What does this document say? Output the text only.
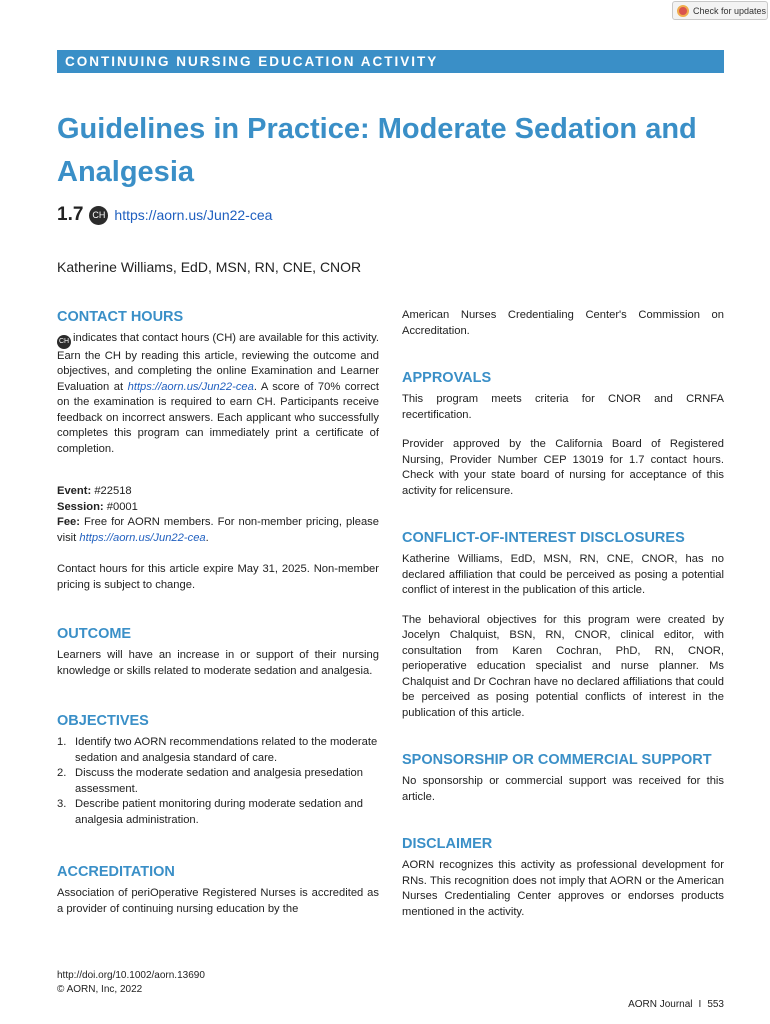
Check for updates
CONTINUING NURSING EDUCATION ACTIVITY
Guidelines in Practice: Moderate Sedation and Analgesia
1.7	CH https://aorn.us/Jun22-cea
Katherine Williams, EdD, MSN, RN, CNE, CNOR
CONTACT HOURS

CH indicates that contact hours (CH) are available for this activity. Earn the CH by reading this article, reviewing the outcome and objectives, and completing the online Examination and Learner Evaluation at https://aorn.us/Jun22-cea. A score of 70% correct on the examination is required to earn CH. Participants receive feedback on incorrect answers. Each applicant who successfully completes this program can immediately print a certificate of completion.

Event: #22518
Session: #0001
Fee: Free for AORN members. For non-member pricing, please visit https://aorn.us/Jun22-cea.

Contact hours for this article expire May 31, 2025. Non-member pricing is subject to change.

OUTCOME

Learners will have an increase in or support of their nursing knowledge or skills related to moderate sedation and analgesia.

OBJECTIVES
1. Identify two AORN recommendations related to the moderate sedation and analgesia standard of care.
2. Discuss the moderate sedation and analgesia presedation assessment.
3. Describe patient monitoring during moderate sedation and analgesia administration.
ACCREDITATION

Association of periOperative Registered Nurses is accredited as a provider of continuing nursing education by the

American Nurses Credentialing Center's Commission on Accreditation.

APPROVALS

This program meets criteria for CNOR and CRNFA recertification.

Provider approved by the California Board of Registered Nursing, Provider Number CEP 13019 for 1.7 contact hours. Check with your state board of nursing for acceptance of this activity for relicensure.

CONFLICT-OF-INTEREST DISCLOSURES

Katherine Williams, EdD, MSN, RN, CNE, CNOR, has no declared affiliation that could be perceived as posing a potential conflict of interest in the publication of this article.

The behavioral objectives for this program were created by Jocelyn Chalquist, BSN, RN, CNOR, clinical editor, with consultation from Karen Cochran, PhD, RN, CNOR, perioperative education specialist and nurse planner. Ms Chalquist and Dr Cochran have no declared affiliations that could be perceived as posing potential conflicts of interest in the publication of this article.

SPONSORSHIP OR COMMERCIAL SUPPORT

No sponsorship or commercial support was received for this article.

DISCLAIMER

AORN recognizes this activity as professional development for RNs. This recognition does not imply that AORN or the American Nurses Credentialing Center approves or endorses products mentioned in the activity.

http://doi.org/10.1002/aorn.13690
© AORN, Inc, 2022
AORN Journal I 553
